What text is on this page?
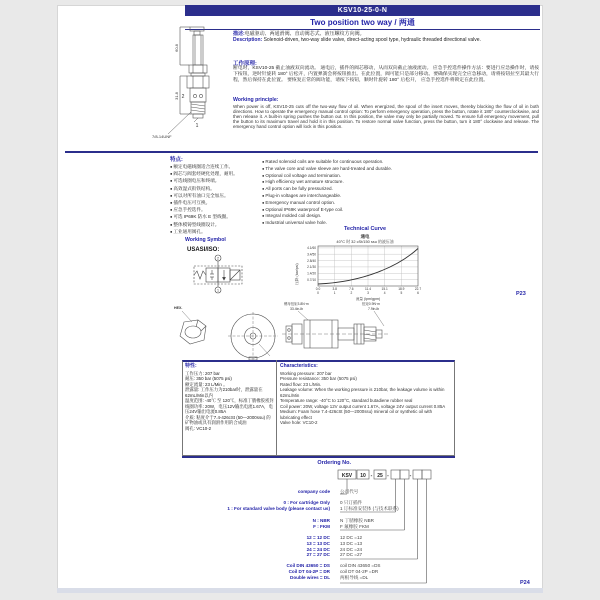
KSV10-25-0-N
Two position two way / 两通
60.8
31.8 2
1
7/8-14UNF
描述:电磁驱动、两通滑阀、直动阀芯式、液压螺纹方向阀。
Description: Solenoid-driven, two-way slide valve, direct-acting spool type, hydraulic threaded directional valve.
工作原理:
断电时，KSV10-25 截止油液双向流动。 通电后，插件的阀芯移动，从而双向截止油液流动。 应急手控选件操作方法：要进行应急操作时，请按下按钮，逆时针旋转 180° 后松开，内置弹簧会将按钮推出。在此位置，阀可能只是部分移动。要确保实现完全应急移动，请将按钮拉至其最大行程，然后保持在此位置。 要恢复正常的阀功能，请按下按钮，顺时针旋转 180° 后松开， 应急手控选件将锁定在此位置。
Working principle:
When power is off, KSV10-25 cuts off the two-way flow of oil. When energized, the spool of the insert moves, thereby blocking the flow of oil in both directions. How to operate the emergency manual control option: To perform emergency operation, press the button, rotate it 180° counterclockwise, and then release it. A built-in spring pushes the button out. In this position, the valve may only be partially moved. To ensure full emergency movement, pull the button to its maximum travel and hold it in this position. To restore normal valve function, press the button, turn it 180° clockwise and release. The emergency hand control option will lock in this position.
特点:
●额定电磁线圈适合连续工作。
●阀芯与阀套经硬化处理，耐用。
●可选线圈电压和终端。
●高效湿式衔铁结构。
●可以对所有油口完全加压。
●插件电压可互换。
●应急手控选件。
●可选 IP69K 防水 E 型线圈。
●整体模铸型线圈设计。
●工业通用阀孔。
●Rated solenoid coils are suitable for continuous operation.
●The valve core and valve sleeve are hard-treated and durable.
●Optional coil voltage and termination.
●High efficiency wet armature structure.
●All ports can be fully pressurized.
●Plug-in voltages are interchangeable.
●Emergency manual control option.
●Optional IP69K waterproof E-type coil.
●Integral molded coil design.
●Industrial universal valve hole.
Working Symbol
USASI/ISO:
2
1
Technical Curve
通电
40°C 时 32 cSt/150 ssu 的液压油
4.1/60
3.4/50
2.8/40
2.1/30
1.4/20
0.7/10
0.0	3.8	7.6	11.4	15.1	18.9	22.7
0	1	2	3	4	5	6
流量 (lpm/gpm)
压降 (bar/psi)
P23
HEX.
螺母扭矩3.8N·m
33.4in-lb
扭矩0.9N·m
7.9in-lb
特性:
工作压力: 207 bar
耐压: 350 bar (5075 psi)
额定流量: 23 L/Min 。
泄露量: 工作压力为210bar时，泄露量在62mL/Min以内
温度范围: -40℃ 至 120℃，标准丁腈橡胶密封
线圈功率: 20W，电压12V输出电流1.67A，电压24V输出电流0.85A
介质: 粘度介于7.4-426cSt (50—2000ssu) 的矿物油或具有润滑作用的合成油
阀孔: VC10-2
Characteristics:
Working pressure: 207 bar
Pressure resistance: 350 bar (5075 psi)
Rated flow: 23 L/Min.
Leakage volume: When the working pressure is 210bar, the leakage volume is within 62mL/Min
Temperature range: -40°C to 120°C, standard butadiene rubber seal
Coil power: 20W, voltage 12V output current 1.67A, voltage 24V output current 0.85A
Medium: Foam hose 7.4-426cSt (50—2000ssu) mineral oil or synthetic oil with lubricating effect
Valve hole: VC10-2
Ordering No.
KSV 10 - 25 -	-
company code 公司代号
0 : For cartridge Only
1 : For standard valve body (please contact us)
0 只订插件
1 订标准安装体 (与技术联系)
N : NBR
F : FKM
N 丁腈橡胶 NBR
F 氟橡胶 FKM
12 = 12 DC
13 = 13 DC
24 = 24 DC
27 = 27 DC
12 DC =12
13 DC =13
24 DC =24
27 DC =27
Coil DIN 43650 = DS
Coil DT 04-2P = DR
Double wires = DL
coil DIN 43650 =DS
coil DT 04-2P =DR
两根导线 =DL
P24
